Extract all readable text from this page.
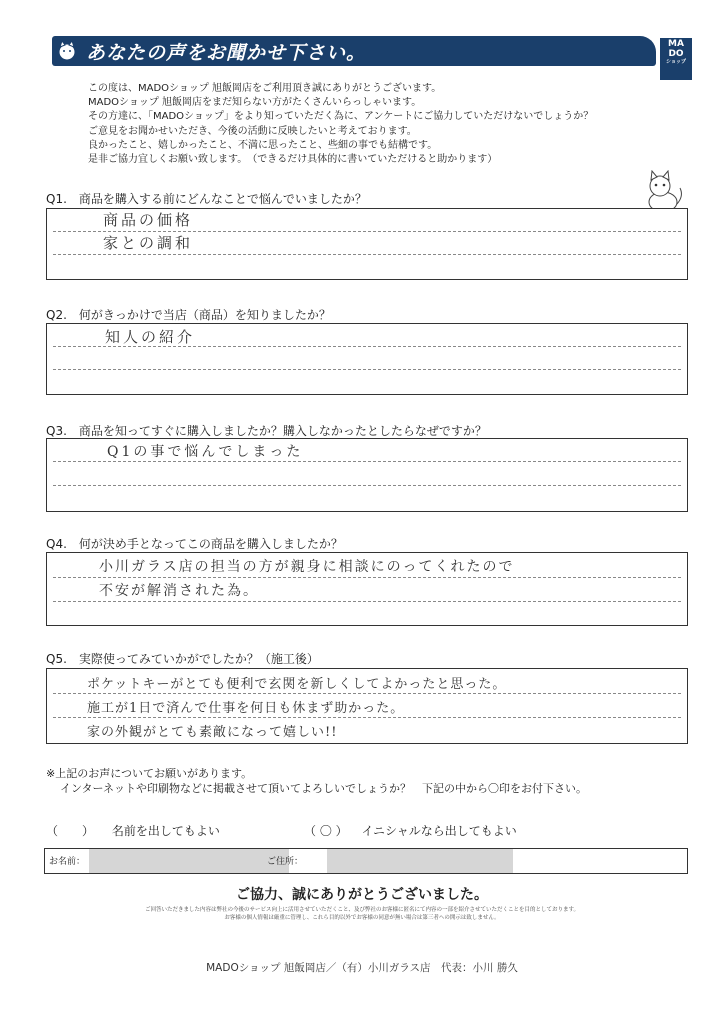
あなたの声をお聞かせ下さい。	MA
DO
ショップ
この度は、MADOショップ 旭飯岡店をご利用頂き誠にありがとうございます。
MADOショップ 旭飯岡店をまだ知らない方がたくさんいらっしゃいます。
その方達に、「MADOショップ」をより知っていただく為に、アンケートにご協力していただけないでしょうか？
ご意見をお聞かせいただき、今後の活動に反映したいと考えております。
良かったこと、嬉しかったこと、不満に思ったこと、些細の事でも結構です。
是非ご協力宜しくお願い致します。　（できるだけ具体的に書いていただけると助かります）
Q1.　商品を購入する前にどんなことで悩んでいましたか？
商品の価格
家との調和
Q2.　何がきっかけで当店（商品）を知りましたか？
知人の紹介
Q3.　商品を知ってすぐに購入しましたか？購入しなかったとしたらなぜですか？
Q1の事で悩んでしまった
Q4.　何が決め手となってこの商品を購入しましたか？
小川ガラス店の担当の方が親身に相談にのってくれたので
不安が解消された為。
Q5.　実際使ってみていかがでしたか？（施工後）
ポケットキーがとても便利で玄関を新しくしてよかったと思った。
施工が1日で済んで仕事を何日も休まず助かった。
家の外観がとても素敵になって嬉しい!!
※上記のお声についてお願いがあります。
インターネットや印刷物などに掲載させて頂いてよろしいでしょうか？　下記の中から〇印をお付下さい。
（　　） 名前を出してもよい	（ 〇 ） イニシャルなら出してもよい
お名前：	ご住所：
ご協力、誠にありがとうございました。
ご回答いただきました内容は弊社の今後のサービス向上に活用させていただくこと、及び弊社のお客様に匿名にて内容の一部を紹介させていただくことを目的としております。
お客様の個人情報は厳重に管理し、これら目的以外でお客様の同意が無い場合は第三者への開示は致しません。
MADOショップ 旭飯岡店／（有）小川ガラス店　代表：小川 勝久
